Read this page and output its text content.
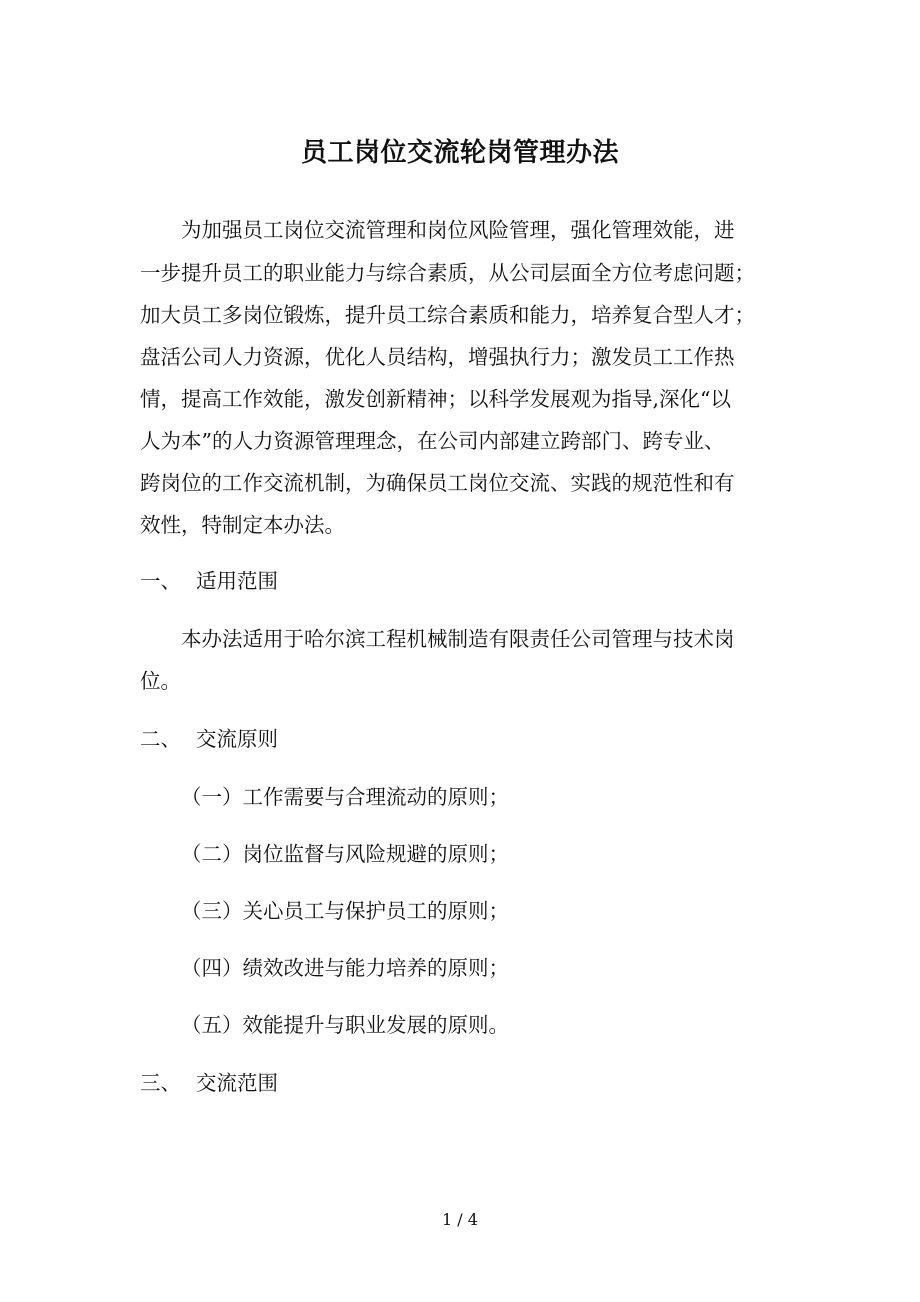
员工岗位交流轮岗管理办法
为加强员工岗位交流管理和岗位风险管理，强化管理效能，进
一步提升员工的职业能力与综合素质，从公司层面全方位考虑问题；
加大员工多岗位锻炼，提升员工综合素质和能力，培养复合型人才；
盘活公司人力资源，优化人员结构，增强执行力；激发员工工作热
情，提高工作效能，激发创新精神；以科学发展观为指导,深化“以
人为本”的人力资源管理理念，在公司内部建立跨部门、跨专业、
跨岗位的工作交流机制，为确保员工岗位交流、实践的规范性和有
效性，特制定本办法。
一、 适用范围
本办法适用于哈尔滨工程机械制造有限责任公司管理与技术岗
位。
二、 交流原则
（一）工作需要与合理流动的原则；
（二）岗位监督与风险规避的原则；
（三）关心员工与保护员工的原则；
（四）绩效改进与能力培养的原则；
（五）效能提升与职业发展的原则。
三、 交流范围
1 / 4
